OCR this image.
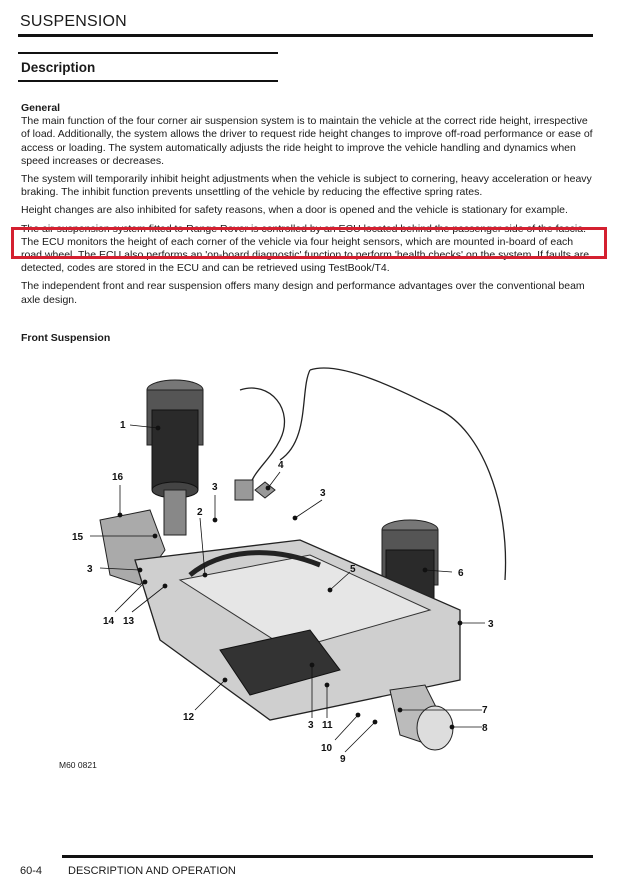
SUSPENSION
Description

General

The main function of the four corner air suspension system is to maintain the vehicle at the correct ride height, irrespective of load. Additionally, the system allows the driver to request ride height changes to improve off-road performance or ease of access or loading. The system automatically adjusts the ride height to improve the vehicle handling and dynamics when speed increases or decreases.

The system will temporarily inhibit height adjustments when the vehicle is subject to cornering, heavy acceleration or heavy braking. The inhibit function prevents unsettling of the vehicle by reducing the effective spring rates.

Height changes are also inhibited for safety reasons, when a door is opened and the vehicle is stationary for example.

The air suspension system fitted to Range Rover is controlled by an ECU located behind the passenger side of the fascia. The ECU monitors the height of each corner of the vehicle via four height sensors, which are mounted in-board of each road wheel. The ECU also performs an 'on-board diagnostic' function to perform 'health checks' on the system. If faults are detected, codes are stored in the ECU and can be retrieved using TestBook/T4.

The independent front and rear suspension offers many design and performance advantages over the conventional beam axle design.

Front Suspension
1
16
4
3
3
2
15
3	5	6
14 13	3
12
3 11
7
8
10
9
M60 0821
60-4 DESCRIPTION AND OPERATION
